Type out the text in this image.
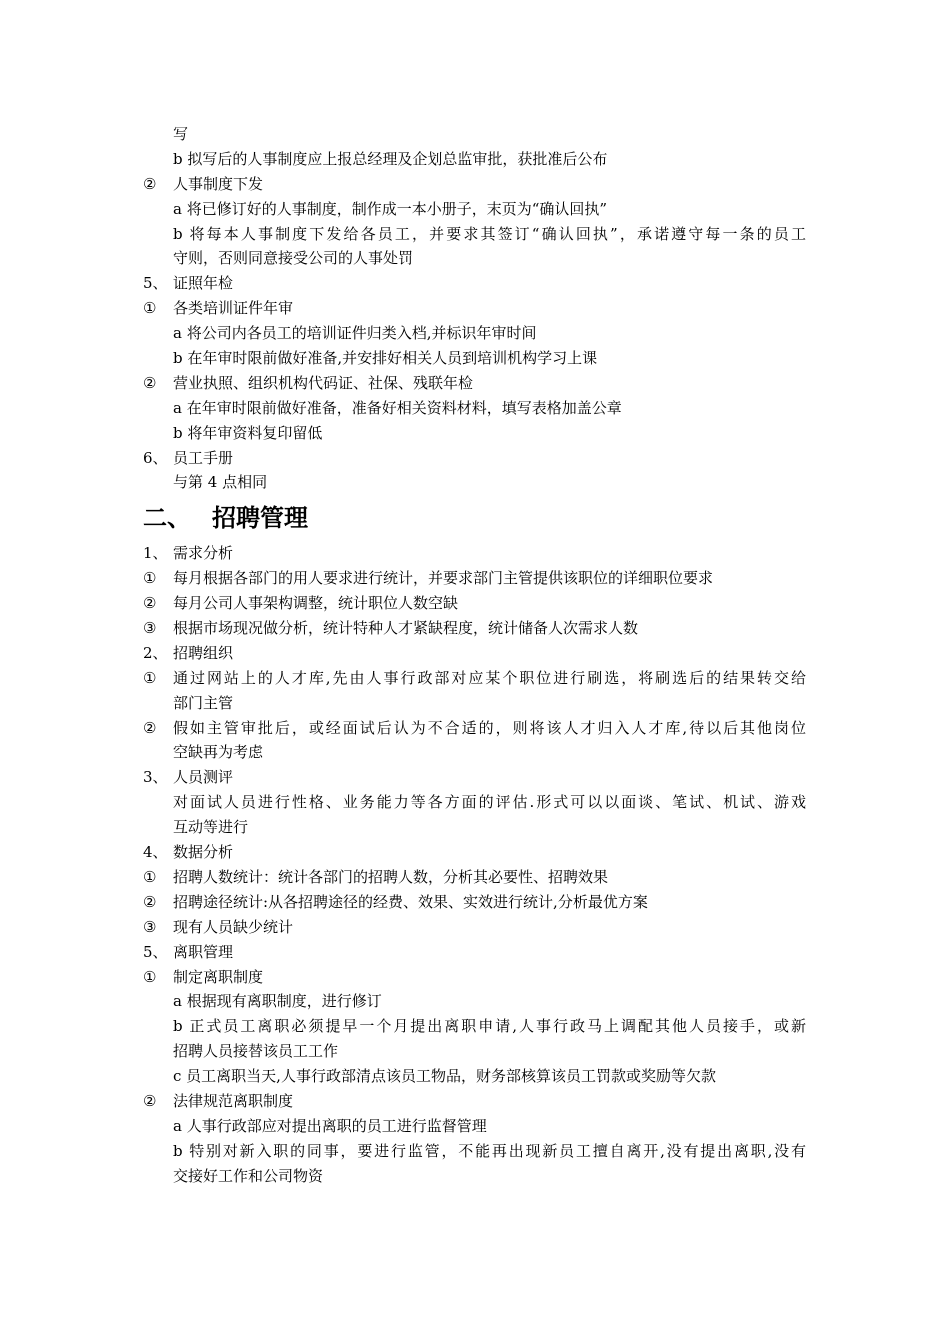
写
b 拟写后的人事制度应上报总经理及企划总监审批，获批准后公布
② 人事制度下发
a 将已修订好的人事制度，制作成一本小册子，末页为“确认回执”
b 将每本人事制度下发给各员工，并要求其签订“确认回执”，承诺遵守每一条的员工
守则，否则同意接受公司的人事处罚
5、 证照年检
① 各类培训证件年审
a 将公司内各员工的培训证件归类入档,并标识年审时间
b 在年审时限前做好准备,并安排好相关人员到培训机构学习上课
② 营业执照、组织机构代码证、社保、残联年检
a 在年审时限前做好准备，准备好相关资料材料，填写表格加盖公章
b 将年审资料复印留低
6、 员工手册
与第 4 点相同
二、 招聘管理
1、 需求分析
① 每月根据各部门的用人要求进行统计，并要求部门主管提供该职位的详细职位要求
② 每月公司人事架构调整，统计职位人数空缺
③ 根据市场现况做分析，统计特种人才紧缺程度，统计储备人次需求人数
2、 招聘组织
① 通过网站上的人才库,先由人事行政部对应某个职位进行刷选，将刷选后的结果转交给
部门主管
② 假如主管审批后，或经面试后认为不合适的，则将该人才归入人才库,待以后其他岗位
空缺再为考虑
3、 人员测评
对面试人员进行性格、业务能力等各方面的评估.形式可以以面谈、笔试、机试、游戏
互动等进行
4、 数据分析
① 招聘人数统计：统计各部门的招聘人数，分析其必要性、招聘效果
② 招聘途径统计:从各招聘途径的经费、效果、实效进行统计,分析最优方案
③ 现有人员缺少统计
5、 离职管理
① 制定离职制度
a 根据现有离职制度，进行修订
b 正式员工离职必须提早一个月提出离职申请,人事行政马上调配其他人员接手，或新
招聘人员接替该员工工作
c 员工离职当天,人事行政部清点该员工物品，财务部核算该员工罚款或奖励等欠款
② 法律规范离职制度
a 人事行政部应对提出离职的员工进行监督管理
b 特别对新入职的同事，要进行监管，不能再出现新员工擅自离开,没有提出离职,没有
交接好工作和公司物资
